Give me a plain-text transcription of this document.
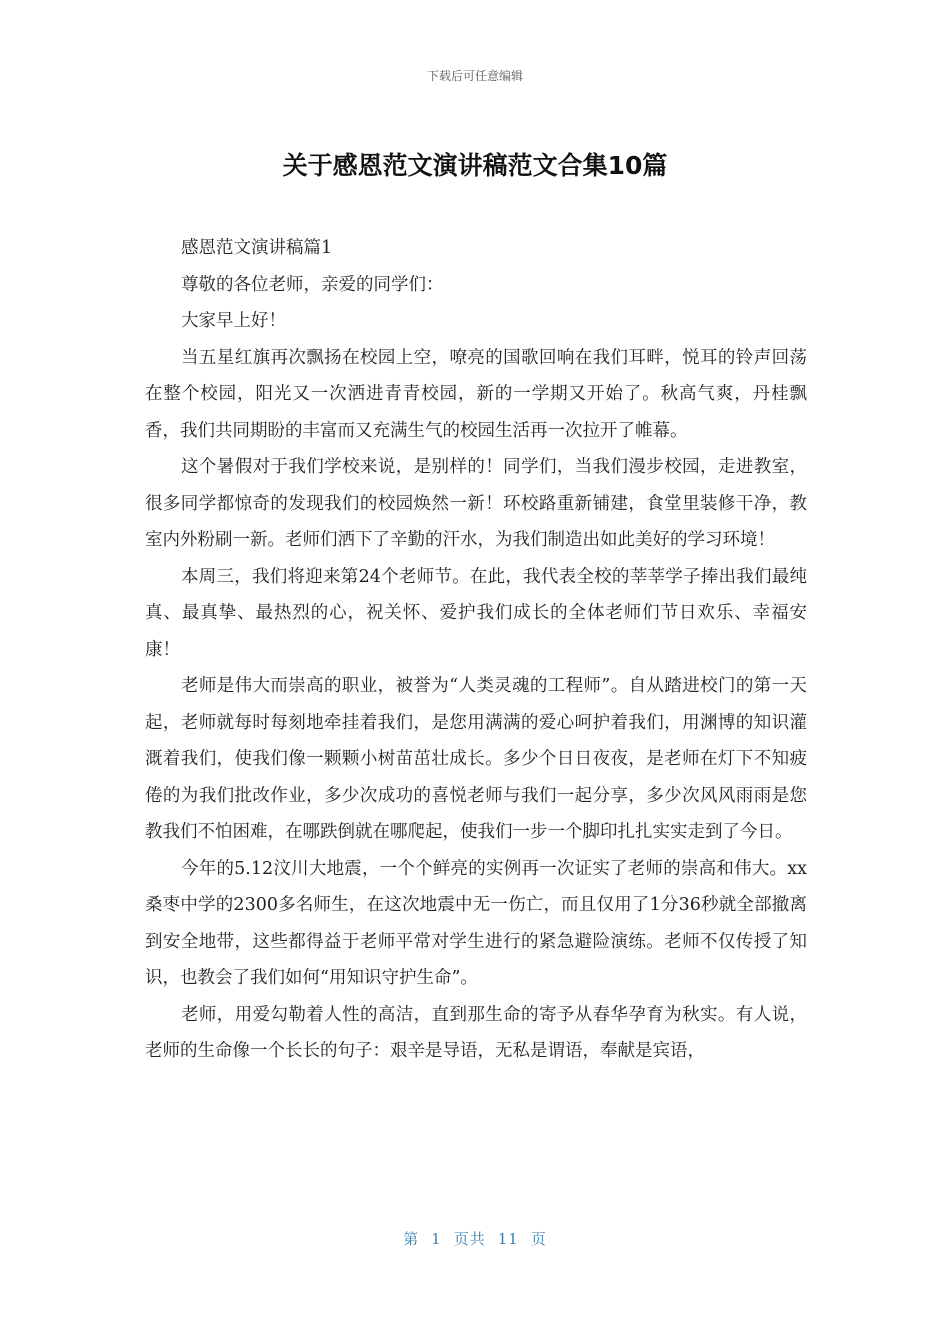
下载后可任意编辑
关于感恩范文演讲稿范文合集10篇

感恩范文演讲稿篇1

尊敬的各位老师，亲爱的同学们：

大家早上好！

当五星红旗再次飘扬在校园上空，嘹亮的国歌回响在我们耳畔，悦耳的铃声回荡在整个校园，阳光又一次洒进青青校园，新的一学期又开始了。秋高气爽，丹桂飘香，我们共同期盼的丰富而又充满生气的校园生活再一次拉开了帷幕。

这个暑假对于我们学校来说，是别样的！同学们，当我们漫步校园，走进教室，很多同学都惊奇的发现我们的校园焕然一新！环校路重新铺建，食堂里装修干净，教室内外粉刷一新。老师们洒下了辛勤的汗水，为我们制造出如此美好的学习环境！

本周三，我们将迎来第24个老师节。在此，我代表全校的莘莘学子捧出我们最纯真、最真挚、最热烈的心，祝关怀、爱护我们成长的全体老师们节日欢乐、幸福安康！

老师是伟大而崇高的职业，被誉为“人类灵魂的工程师”。自从踏进校门的第一天起，老师就每时每刻地牵挂着我们，是您用满满的爱心呵护着我们，用渊博的知识灌溉着我们，使我们像一颗颗小树苗茁壮成长。多少个日日夜夜，是老师在灯下不知疲倦的为我们批改作业，多少次成功的喜悦老师与我们一起分享，多少次风风雨雨是您教我们不怕困难，在哪跌倒就在哪爬起，使我们一步一个脚印扎扎实实走到了今日。

今年的5.12汶川大地震，一个个鲜亮的实例再一次证实了老师的崇高和伟大。xx桑枣中学的2300多名师生，在这次地震中无一伤亡，而且仅用了1分36秒就全部撤离到安全地带，这些都得益于老师平常对学生进行的紧急避险演练。老师不仅传授了知识，也教会了我们如何“用知识守护生命”。

老师，用爱勾勒着人性的高洁，直到那生命的寄予从春华孕育为秋实。有人说，老师的生命像一个长长的句子：艰辛是导语，无私是谓语，奉献是宾语，

第 1 页共 11 页
